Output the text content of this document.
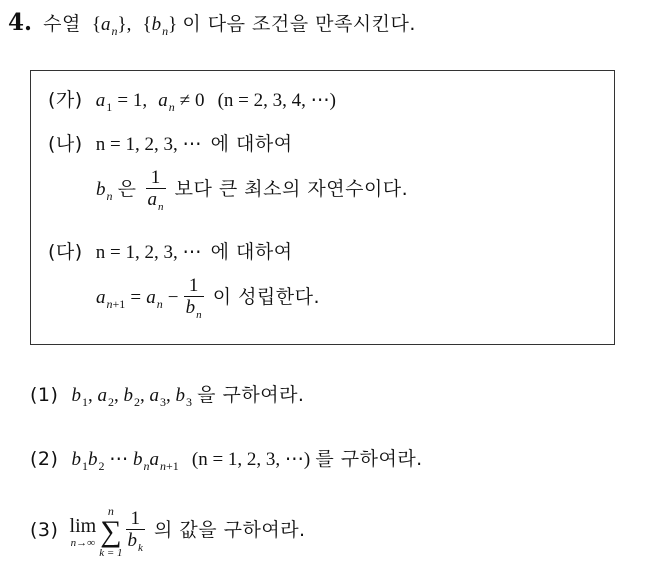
4. 수열 $\{a_n\}$, $\{b_n\}$ 이 다음 조건을 만족시킨다.
(가) $a_1 = 1$, $a_n \ne 0$ (n = 2, 3, 4, ⋯)
(나) n = 1, 2, 3, ⋯ 에 대하여
$b_n$ 은 $\frac{1}{a_n}$ 보다 큰 최소의 자연수이다.
(다) n = 1, 2, 3, ⋯ 에 대하여
$a_{n+1} = a_n - \frac{1}{b_n}$ 이 성립한다.
(1) $b_1$, $a_2$, $b_2$, $a_3$, $b_3$ 을 구하여라.
(2) $b_1b_2$ ⋯ $b_na_{n+1}$ (n = 1, 2, 3, ⋯) 를 구하여라.
(3) lim
n→∞
n
∑
$k = 1 \frac{1}{b_k}$ 의 값을 구하여라.
